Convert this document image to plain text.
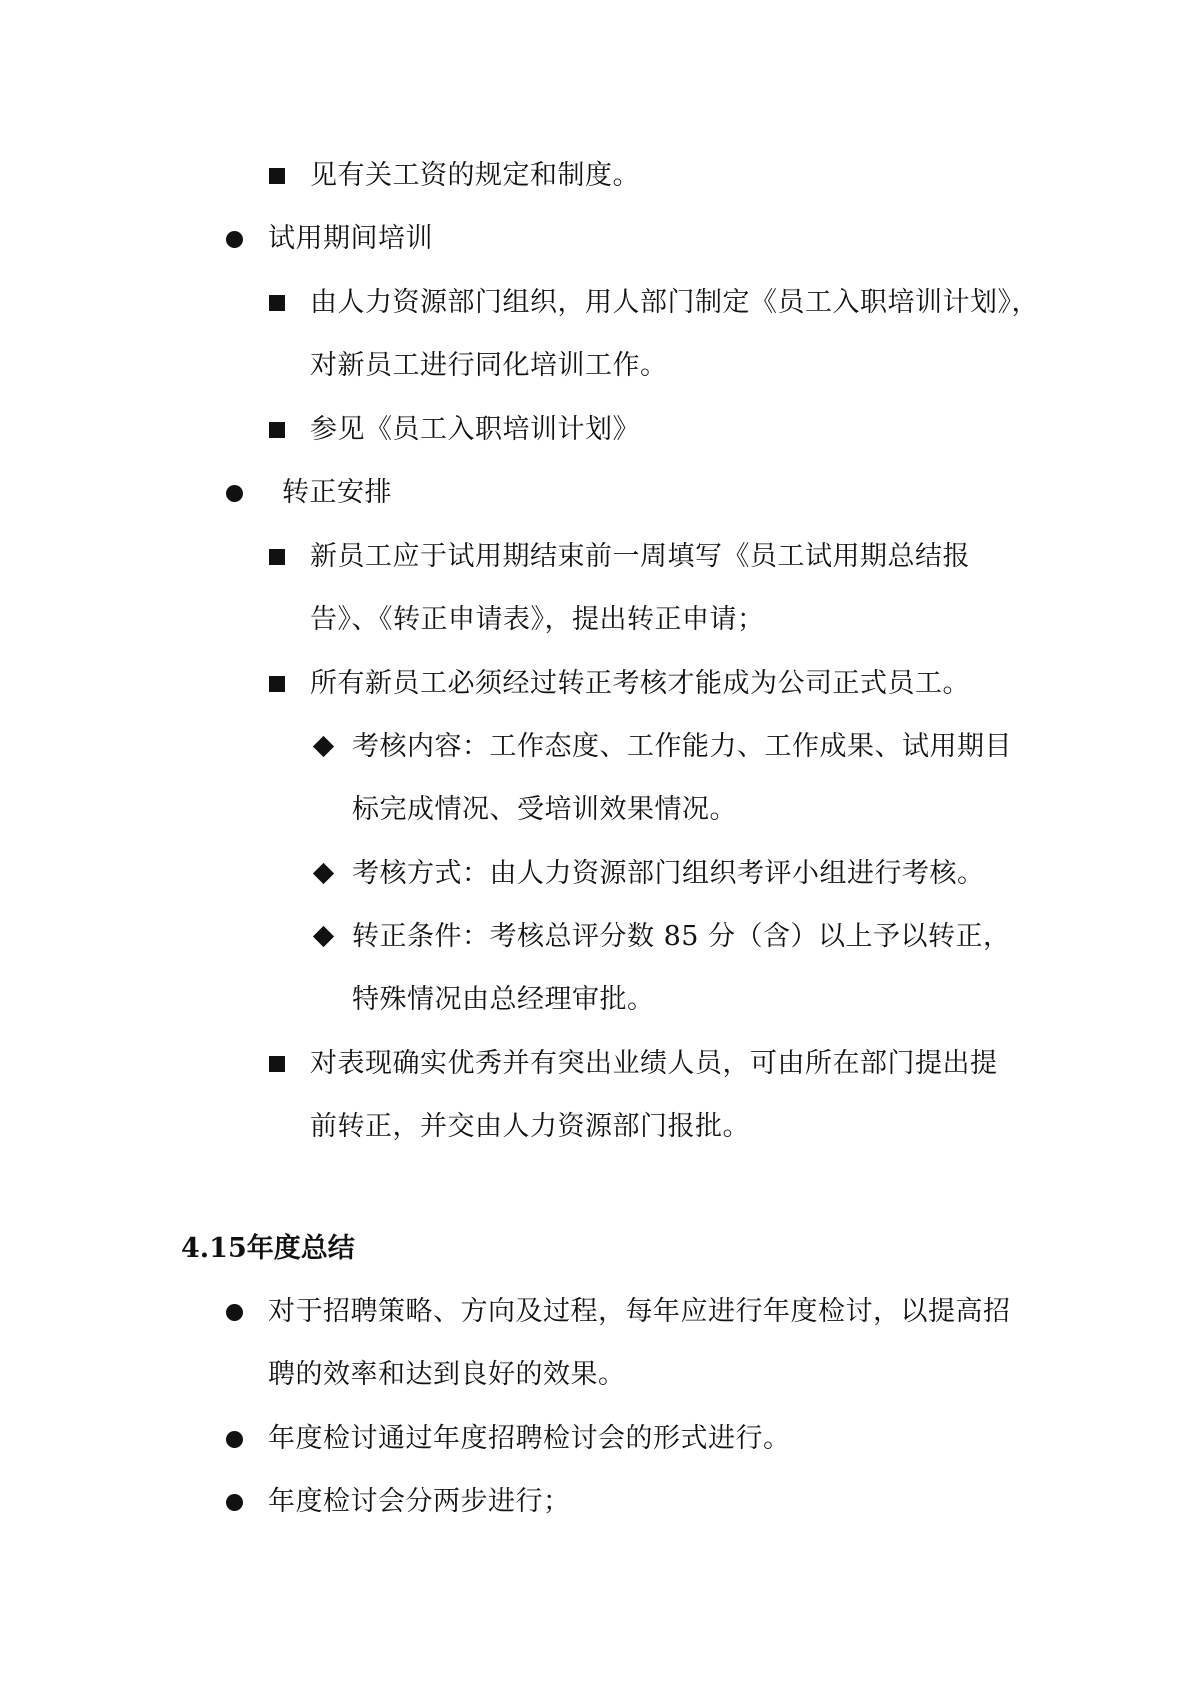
见有关工资的规定和制度。
试用期间培训
由人力资源部门组织，用人部门制定《员工入职培训计划》，
对新员工进行同化培训工作。
参见《员工入职培训计划》
转正安排
新员工应于试用期结束前一周填写《员工试用期总结报
告》、《转正申请表》，提出转正申请；
所有新员工必须经过转正考核才能成为公司正式员工。
考核内容：工作态度、工作能力、工作成果、试用期目
标完成情况、受培训效果情况。
考核方式：由人力资源部门组织考评小组进行考核。
转正条件：考核总评分数 85 分（含）以上予以转正，
特殊情况由总经理审批。
对表现确实优秀并有突出业绩人员，可由所在部门提出提
前转正，并交由人力资源部门报批。
4.15年度总结
对于招聘策略、方向及过程，每年应进行年度检讨，以提高招
聘的效率和达到良好的效果。
年度检讨通过年度招聘检讨会的形式进行。
年度检讨会分两步进行；
